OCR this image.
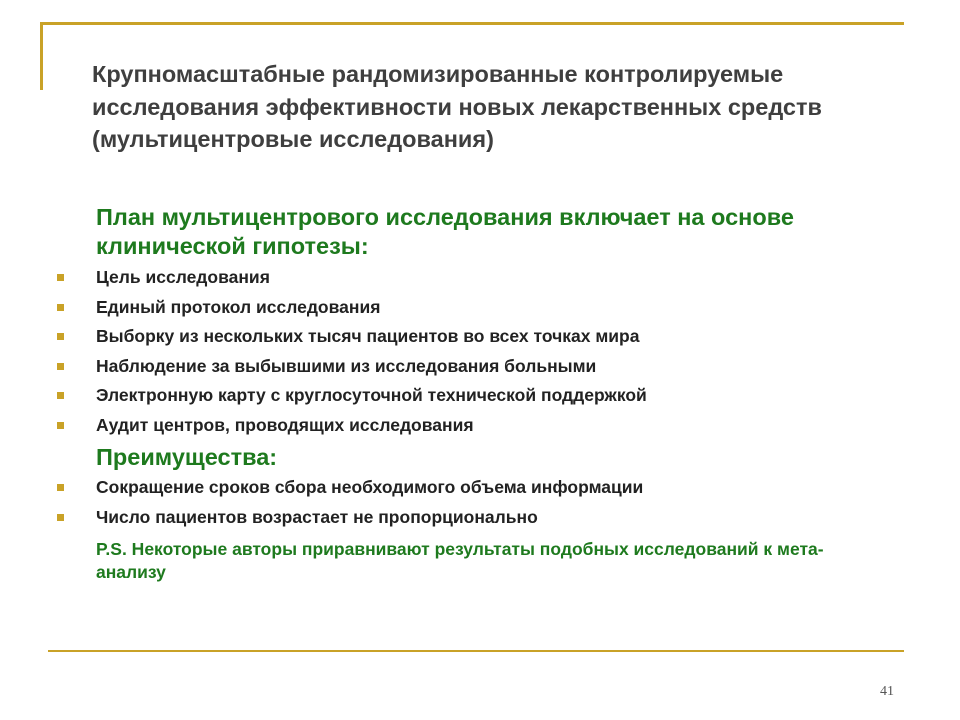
Крупномасштабные рандомизированные контролируемые исследования эффективности новых лекарственных средств (мультицентровые исследования)
План мультицентрового исследования включает на основе клинической гипотезы:
Цель исследования
Единый протокол исследования
Выборку из нескольких тысяч пациентов во всех точках мира
Наблюдение за выбывшими из исследования больными
Электронную карту с круглосуточной технической поддержкой
Аудит центров, проводящих исследования
Преимущества:
Сокращение сроков сбора необходимого объема информации
Число пациентов возрастает не пропорционально
P.S. Некоторые авторы приравнивают результаты подобных исследований к мета-анализу
41
